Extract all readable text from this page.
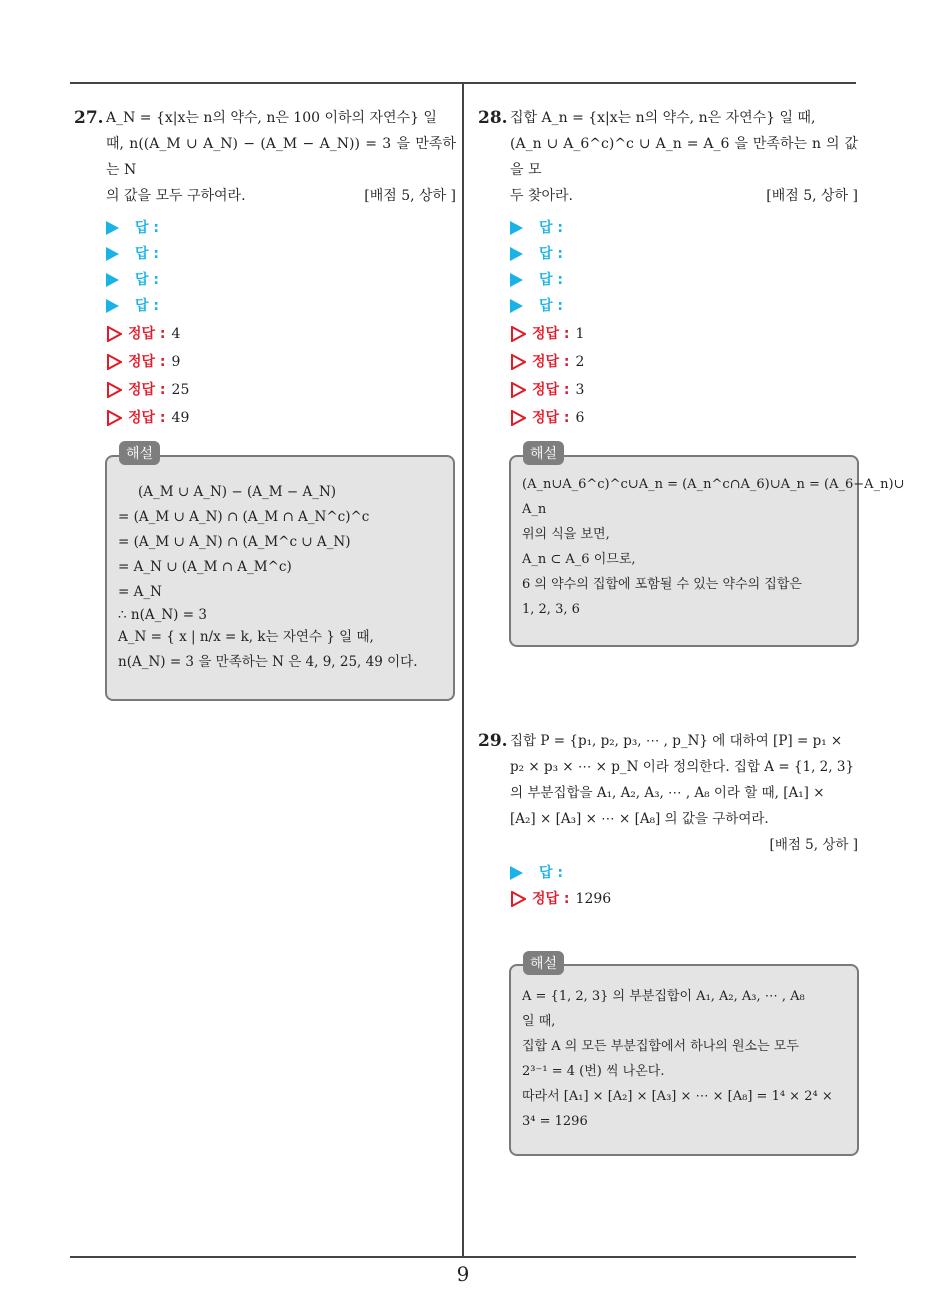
27. A_N = {x|x는 n의 약수, n은 100 이하의 자연수} 일

때, n((A_M ∪ A_N) − (A_M − A_N)) = 3 을 만족하는 N

의 값을 모두 구하여라.	[배점 5, 상하 ]

답 :
답 :
답 :
답 :
정답 : 4
정답 : 9
정답 : 25
정답 : 49
해설
(A_M ∪ A_N) − (A_M − A_N)
= (A_M ∪ A_N) ∩ (A_M ∩ A_N^c)^c
= (A_M ∪ A_N) ∩ (A_M^c ∪ A_N)
= A_N ∪ (A_M ∩ A_M^c)
= A_N
∴ n(A_N) = 3
A_N = { x | n/x = k, k는 자연수 } 일 때,
n(A_N) = 3 을 만족하는 N 은 4, 9, 25, 49 이다.
28. 집합 A_n = {x|x는 n의 약수, n은 자연수} 일 때,

(A_n ∪ A_6^c)^c ∪ A_n = A_6 을 만족하는 n 의 값을 모

두 찾아라.	[배점 5, 상하 ]

답 :
답 :
답 :
답 :
정답 : 1
정답 : 2
정답 : 3
정답 : 6
해설
(A_n∪A_6^c)^c∪A_n = (A_n^c∩A_6)∪A_n = (A_6−A_n)∪
A_n
위의 식을 보면,
A_n ⊂ A_6 이므로,
6 의 약수의 집합에 포함될 수 있는 약수의 집합은
1, 2, 3, 6
29. 집합 P = {p₁, p₂, p₃, ⋯ , p_N} 에 대하여 [P] = p₁ ×

p₂ × p₃ × ⋯ × p_N 이라 정의한다. 집합 A = {1, 2, 3}

의 부분집합을 A₁, A₂, A₃, ⋯ , A₈ 이라 할 때, [A₁] ×

[A₂] × [A₃] × ⋯ × [A₈] 의 값을 구하여라.

[배점 5, 상하 ]

답 :
정답 : 1296
해설
A = {1, 2, 3} 의 부분집합이 A₁, A₂, A₃, ⋯ , A₈
일 때,
집합 A 의 모든 부분집합에서 하나의 원소는 모두
2³⁻¹ = 4 (번) 씩 나온다.
따라서 [A₁] × [A₂] × [A₃] × ⋯ × [A₈] = 1⁴ × 2⁴ ×
3⁴ = 1296
9
